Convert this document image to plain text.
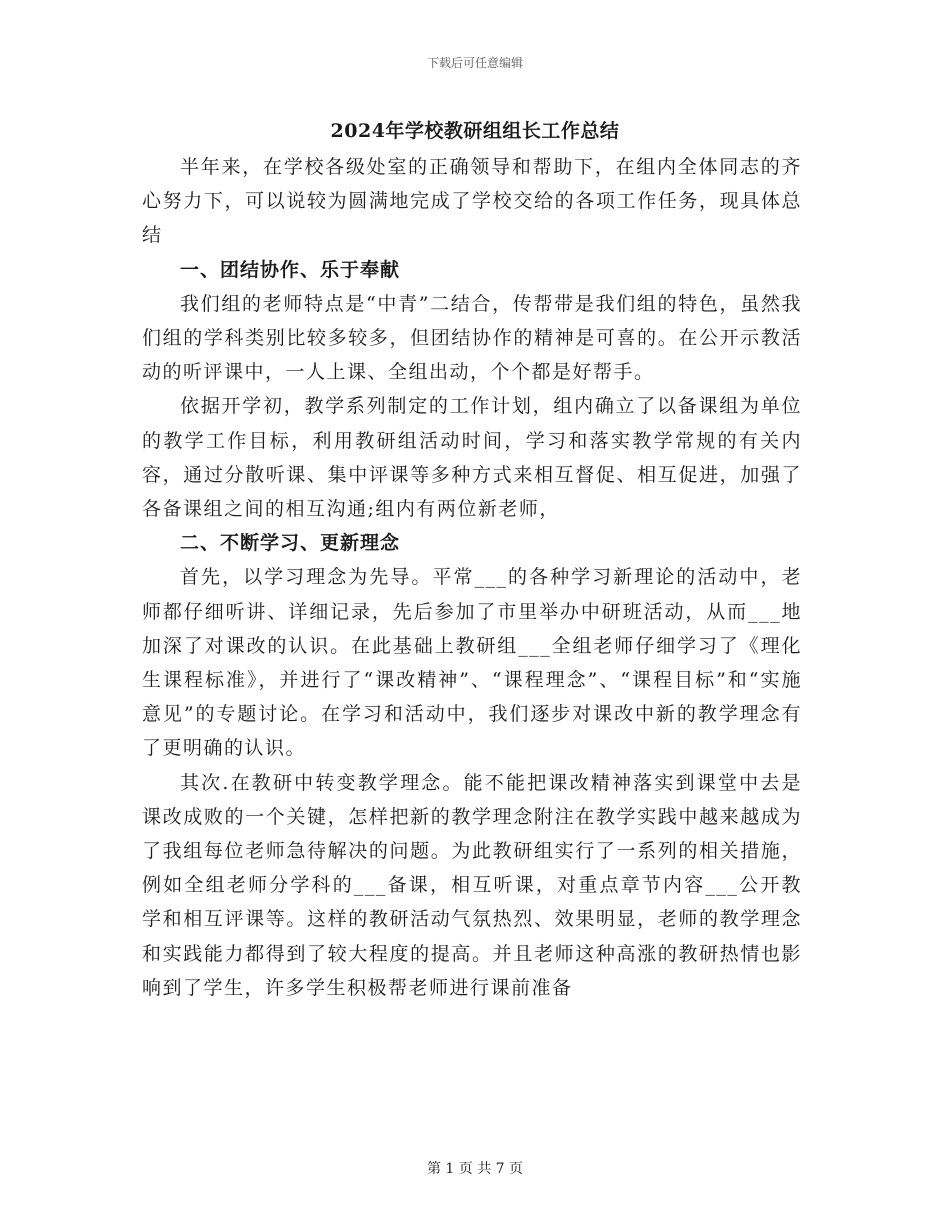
下载后可任意编辑
2024年学校教研组组长工作总结

半年来，在学校各级处室的正确领导和帮助下，在组内全体同志的齐心努力下，可以说较为圆满地完成了学校交给的各项工作任务，现具体总结

一、团结协作、乐于奉献

我们组的老师特点是“中青”二结合，传帮带是我们组的特色，虽然我们组的学科类别比较多较多，但团结协作的精神是可喜的。在公开示教活动的听评课中，一人上课、全组出动，个个都是好帮手。

依据开学初，教学系列制定的工作计划，组内确立了以备课组为单位的教学工作目标，利用教研组活动时间，学习和落实教学常规的有关内容，通过分散听课、集中评课等多种方式来相互督促、相互促进，加强了各备课组之间的相互沟通;组内有两位新老师，

二、不断学习、更新理念

首先，以学习理念为先导。平常___的各种学习新理论的活动中，老师都仔细听讲、详细记录，先后参加了市里举办中研班活动，从而___地加深了对课改的认识。在此基础上教研组___全组老师仔细学习了《理化生课程标准》，并进行了“课改精神”、“课程理念”、“课程目标”和“实施意见”的专题讨论。在学习和活动中，我们逐步对课改中新的教学理念有了更明确的认识。

其次.在教研中转变教学理念。能不能把课改精神落实到课堂中去是课改成败的一个关键，怎样把新的教学理念附注在教学实践中越来越成为了我组每位老师急待解决的问题。为此教研组实行了一系列的相关措施，例如全组老师分学科的___备课，相互听课，对重点章节内容___公开教学和相互评课等。这样的教研活动气氛热烈、效果明显，老师的教学理念和实践能力都得到了较大程度的提高。并且老师这种高涨的教研热情也影响到了学生，许多学生积极帮老师进行课前准备

第 1 页 共 7 页
